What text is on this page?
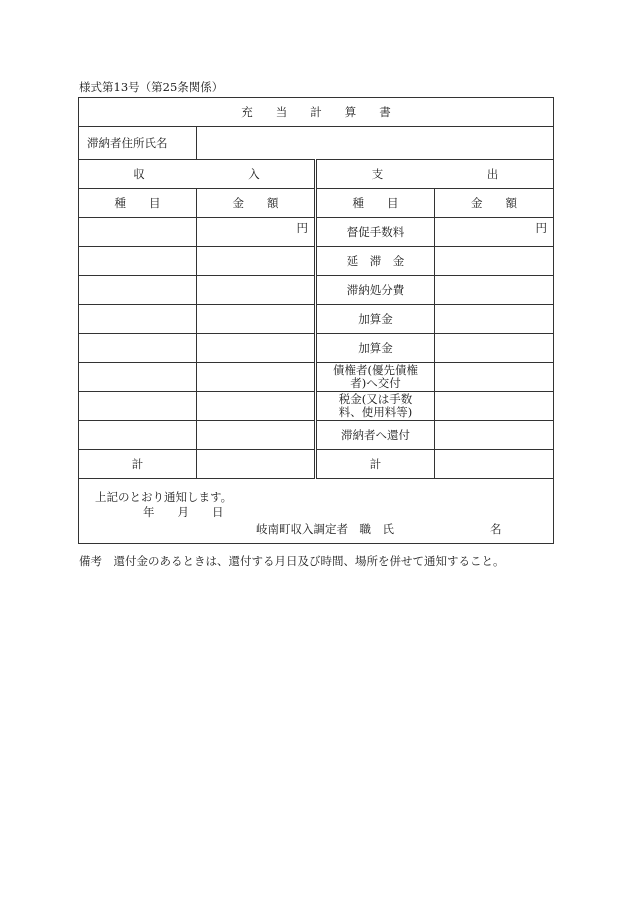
様式第13号（第25条関係）
充　　当　　計　　算　　書			
滞納者住所氏名			
収　　　　　　　　　入		支　　　　　　　　　出	
種　　目	金　　額	種　　目	金　　額
	円	督促手数料	円
		延　滞　金	
		滞納処分費	
		加算金	
		加算金	

		債権者(優先債権者)へ交付	

		税金(又は手数料、使用料等)	

		滞納者へ還付	
計		計	

上記のとおり通知します。
年　　月　　日
岐南町収入調定者　職　氏 名			
備考　還付金のあるときは、還付する月日及び時間、場所を併せて通知すること。
